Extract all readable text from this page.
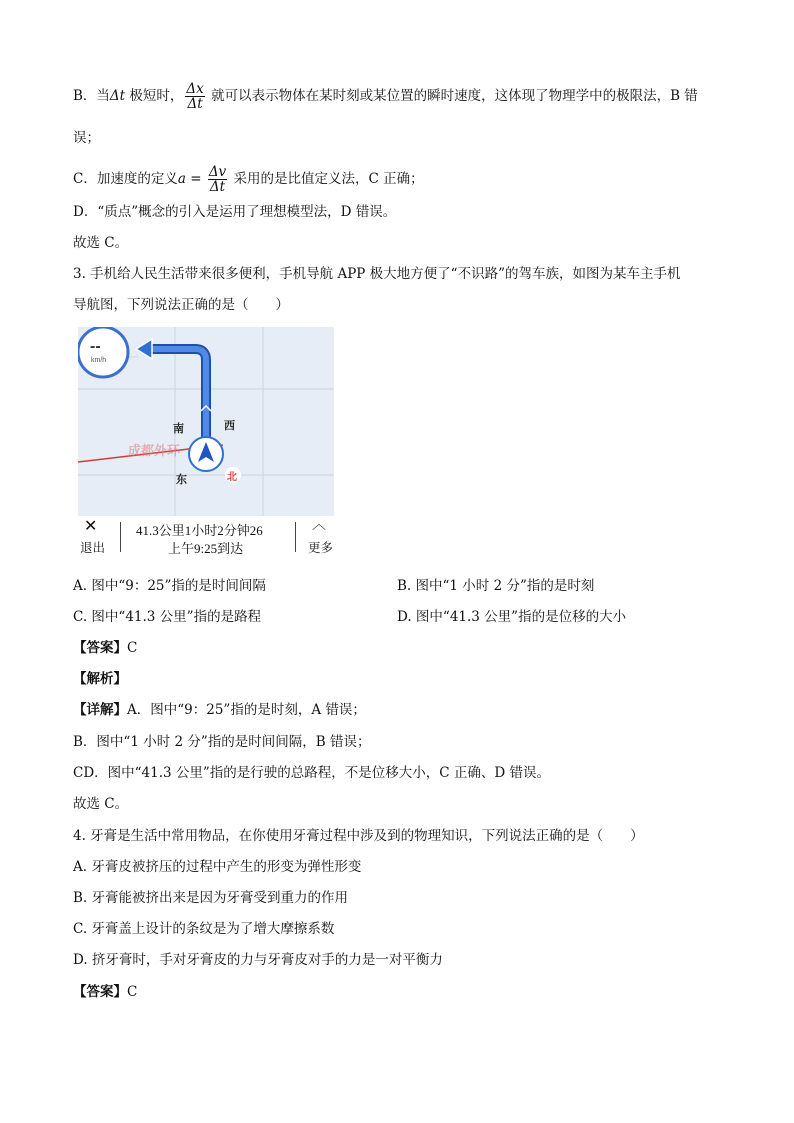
B．当Δt 极短时， $\frac{\Delta x}{\Delta t}$ 就可以表示物体在某时刻或某位置的瞬时速度，这体现了物理学中的极限法，B 错
误；
C．加速度的定义$a = \frac{\Delta v}{\Delta t}$ 采用的是比值定义法，C 正确；
D．“质点”概念的引入是运用了理想模型法，D 错误。
故选 C。
3. 手机给人民生活带来很多便利，手机导航 APP 极大地方便了“不识路”的驾车族，如图为某车主手机
导航图，下列说法正确的是（　　）
--
km/h
南	西
东	北
成都外环
✕
退出
41.3公里1小时2分钟26
上午9:25到达
︿
更多
A. 图中“9：25”指的是时间间隔	B. 图中“1 小时 2 分”指的是时刻
C. 图中“41.3 公里”指的是路程	D. 图中“41.3 公里”指的是位移的大小
【答案】C
【解析】
【详解】A．图中“9：25”指的是时刻，A 错误；
B．图中“1 小时 2 分”指的是时间间隔，B 错误；
CD．图中“41.3 公里”指的是行驶的总路程，不是位移大小，C 正确、D 错误。
故选 C。
4. 牙膏是生活中常用物品，在你使用牙膏过程中涉及到的物理知识，下列说法正确的是（　　）
A. 牙膏皮被挤压的过程中产生的形变为弹性形变
B. 牙膏能被挤出来是因为牙膏受到重力的作用
C. 牙膏盖上设计的条纹是为了增大摩擦系数
D. 挤牙膏时，手对牙膏皮的力与牙膏皮对手的力是一对平衡力
【答案】C
